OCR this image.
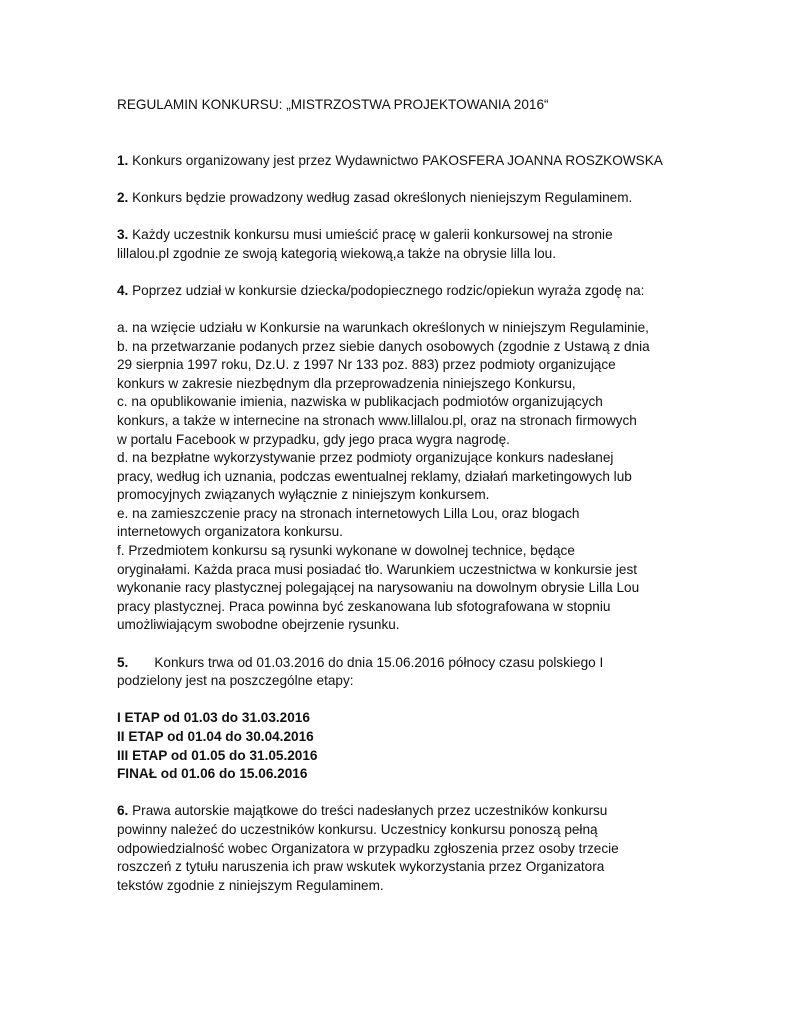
REGULAMIN KONKURSU: „MISTRZOSTWA PROJEKTOWANIA 2016“
1. Konkurs organizowany jest przez Wydawnictwo PAKOSFERA JOANNA ROSZKOWSKA
2. Konkurs będzie prowadzony według zasad określonych nieniejszym Regulaminem.
3. Każdy uczestnik konkursu musi umieścić pracę w galerii konkursowej na stronie
lillalou.pl zgodnie ze swoją kategorią wiekową,a także na obrysie lilla lou.
4. Poprzez udział w konkursie dziecka/podopiecznego rodzic/opiekun wyraża zgodę na:
a. na wzięcie udziału w Konkursie na warunkach określonych w niniejszym Regulaminie,
b. na przetwarzanie podanych przez siebie danych osobowych (zgodnie z Ustawą z dnia
29 sierpnia 1997 roku, Dz.U. z 1997 Nr 133 poz. 883) przez podmioty organizujące
konkurs w zakresie niezbędnym dla przeprowadzenia niniejszego Konkursu,
c. na opublikowanie imienia, nazwiska w publikacjach podmiotów organizujących
konkurs, a także w internecine na stronach www.lillalou.pl, oraz na stronach firmowych
w portalu Facebook w przypadku, gdy jego praca wygra nagrodę.
d. na bezpłatne wykorzystywanie przez podmioty organizujące konkurs nadesłanej
pracy, według ich uznania, podczas ewentualnej reklamy, działań marketingowych lub
promocyjnych związanych wyłącznie z niniejszym konkursem.
e. na zamieszczenie pracy na stronach internetowych Lilla Lou, oraz blogach
internetowych organizatora konkursu.
f. Przedmiotem konkursu są rysunki wykonane w dowolnej technice, będące
oryginałami. Każda praca musi posiadać tło. Warunkiem uczestnictwa w konkursie jest
wykonanie racy plastycznej polegającej na narysowaniu na dowolnym obrysie Lilla Lou
pracy plastycznej. Praca powinna być zeskanowana lub sfotografowana w stopniu
umożliwiającym swobodne obejrzenie rysunku.
5. Konkurs trwa od 01.03.2016 do dnia 15.06.2016 północy czasu polskiego I
podzielony jest na poszczególne etapy:
I ETAP od 01.03 do 31.03.2016
II ETAP od 01.04 do 30.04.2016
III ETAP od 01.05 do 31.05.2016
FINAŁ od 01.06 do 15.06.2016
6. Prawa autorskie majątkowe do treści nadesłanych przez uczestników konkursu
powinny należeć do uczestników konkursu. Uczestnicy konkursu ponoszą pełną
odpowiedzialność wobec Organizatora w przypadku zgłoszenia przez osoby trzecie
roszczeń z tytułu naruszenia ich praw wskutek wykorzystania przez Organizatora
tekstów zgodnie z niniejszym Regulaminem.
